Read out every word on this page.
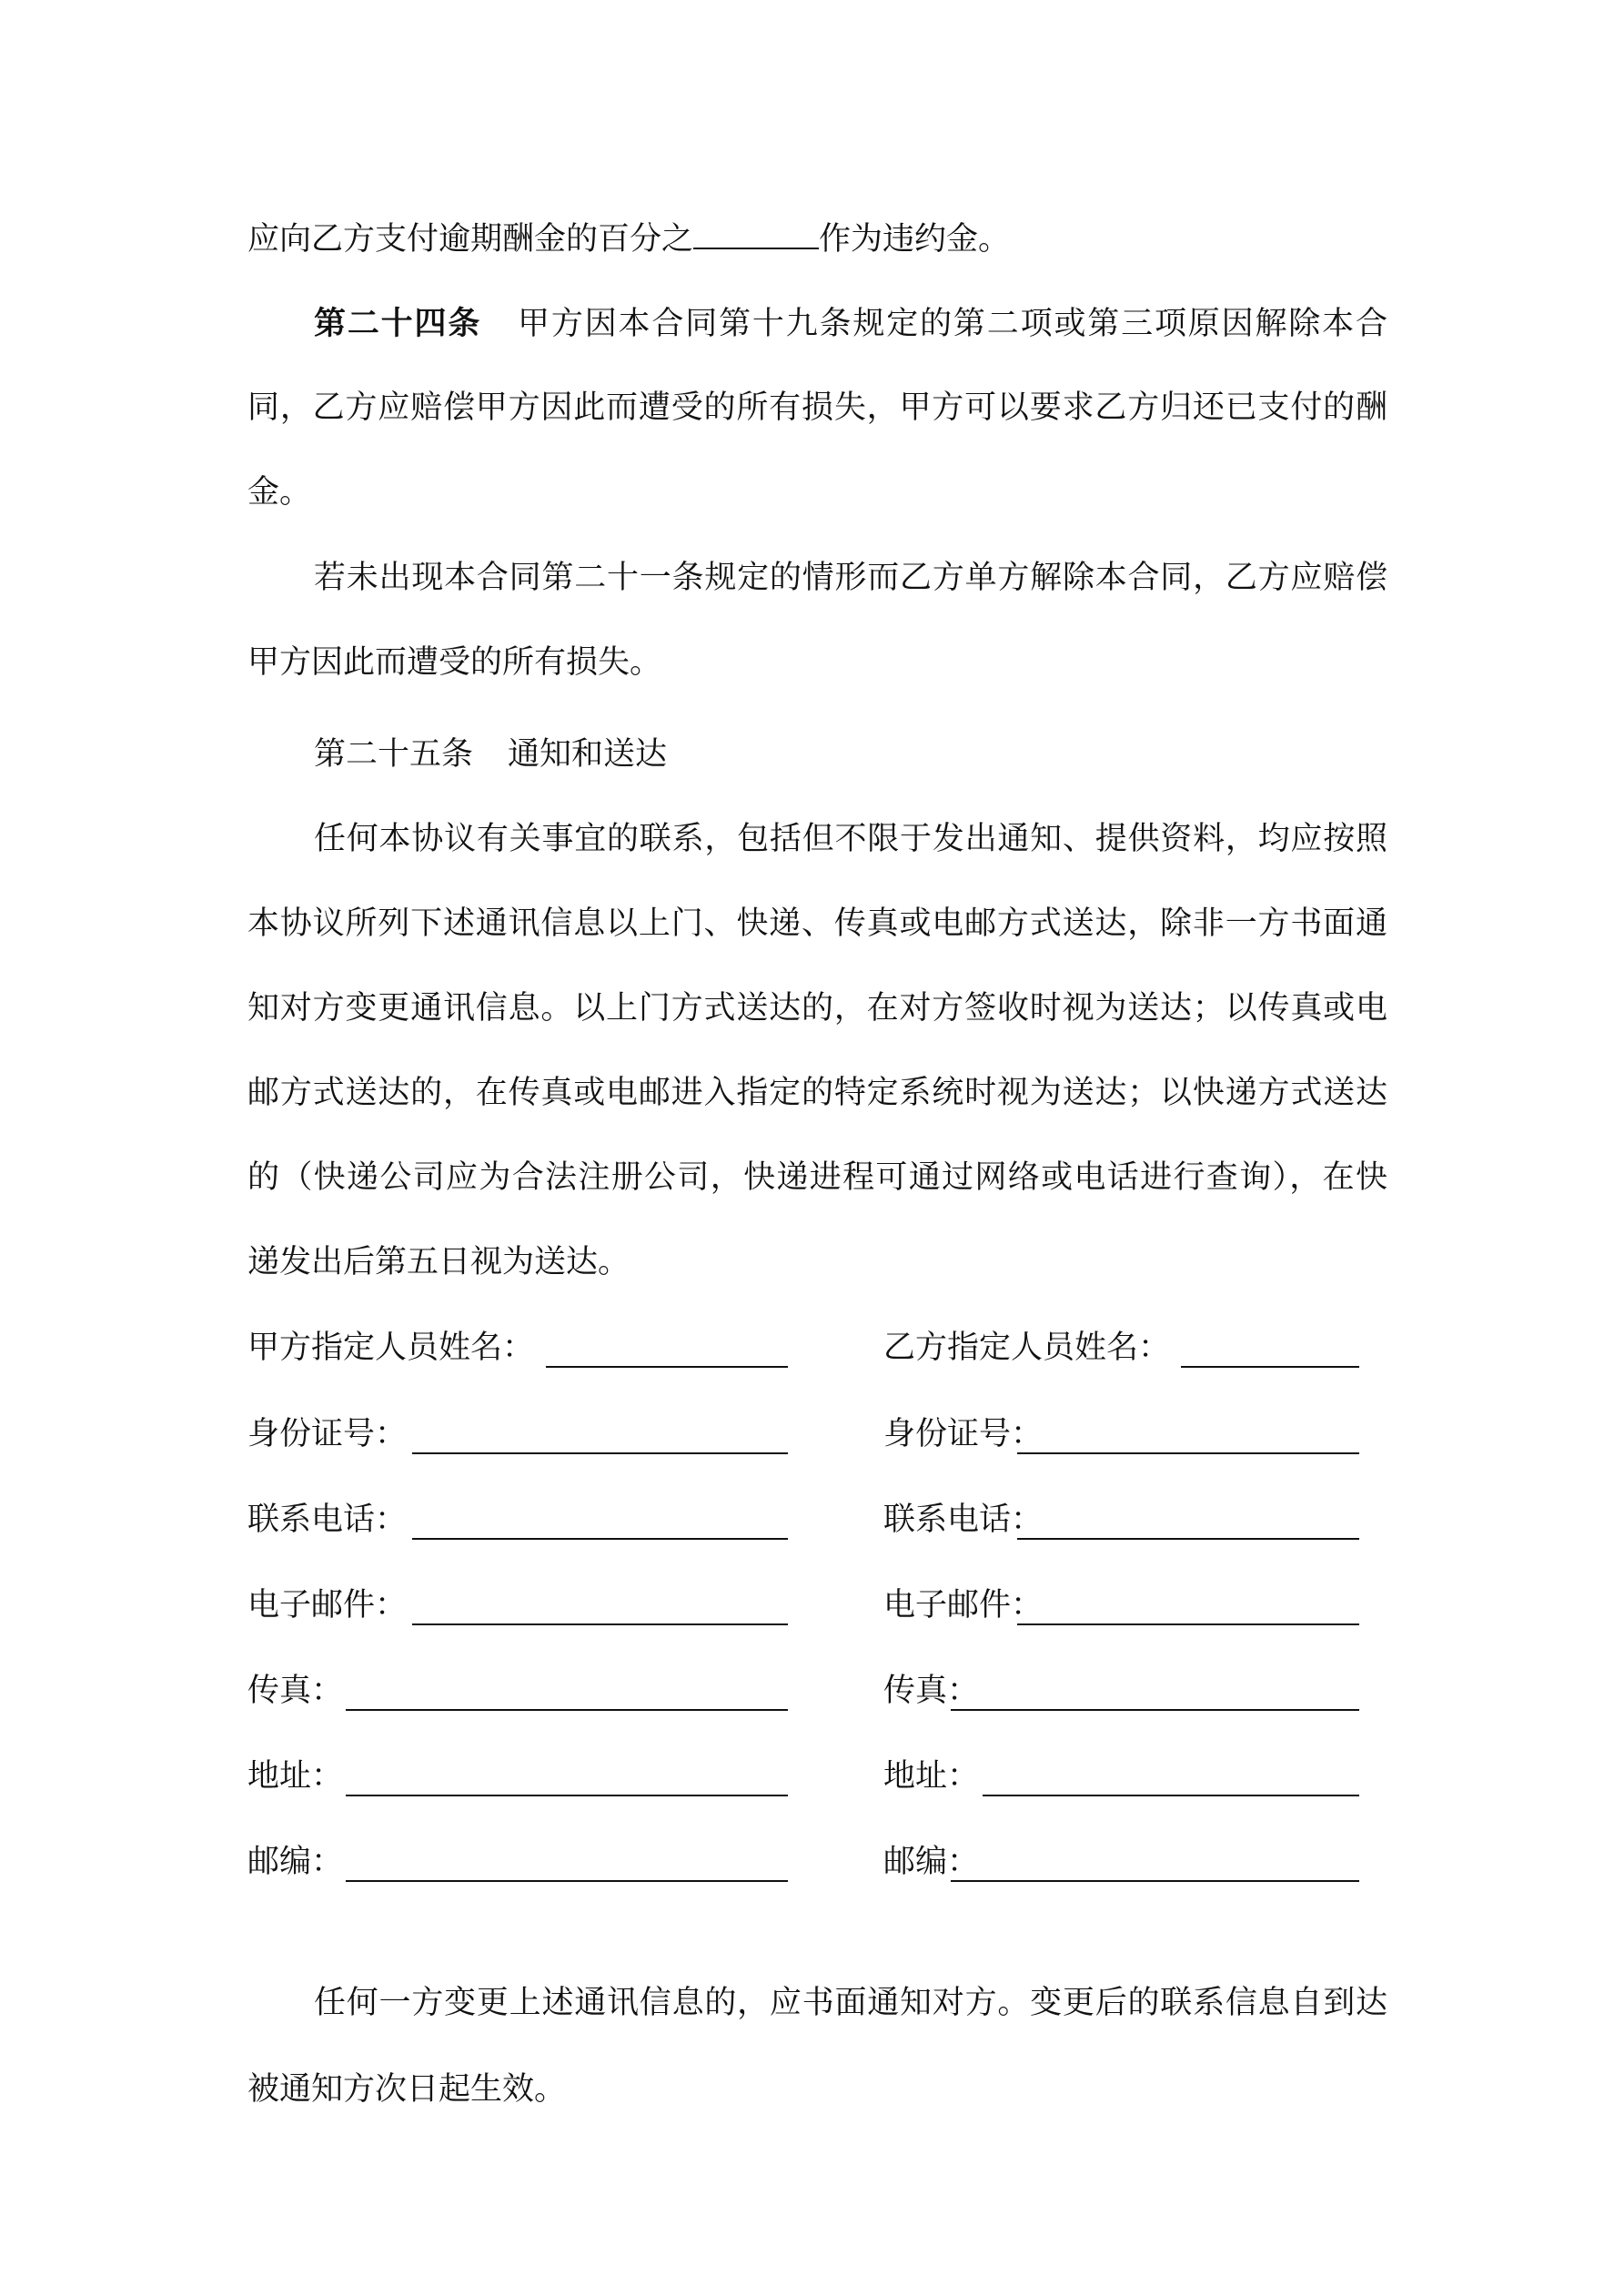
应向乙方支付逾期酬金的百分之	作为违约金。
第二十四条 甲方因本合同第十九条规定的第二项或第三项原因解除本合
同，乙方应赔偿甲方因此而遭受的所有损失，甲方可以要求乙方归还已支付的酬
金。
若未出现本合同第二十一条规定的情形而乙方单方解除本合同，乙方应赔偿
甲方因此而遭受的所有损失。
第二十五条 通知和送达
任何本协议有关事宜的联系，包括但不限于发出通知、提供资料，均应按照
本协议所列下述通讯信息以上门、快递、传真或电邮方式送达，除非一方书面通
知对方变更通讯信息。以上门方式送达的，在对方签收时视为送达；以传真或电
邮方式送达的，在传真或电邮进入指定的特定系统时视为送达；以快递方式送达
的（快递公司应为合法注册公司，快递进程可通过网络或电话进行查询），在快
递发出后第五日视为送达。
甲方指定人员姓名：
身份证号：
联系电话：
电子邮件：
传真：
地址：
邮编：
乙方指定人员姓名：
身份证号：
联系电话：
电子邮件：
传真：
地址：
邮编：
任何一方变更上述通讯信息的，应书面通知对方。变更后的联系信息自到达
被通知方次日起生效。
